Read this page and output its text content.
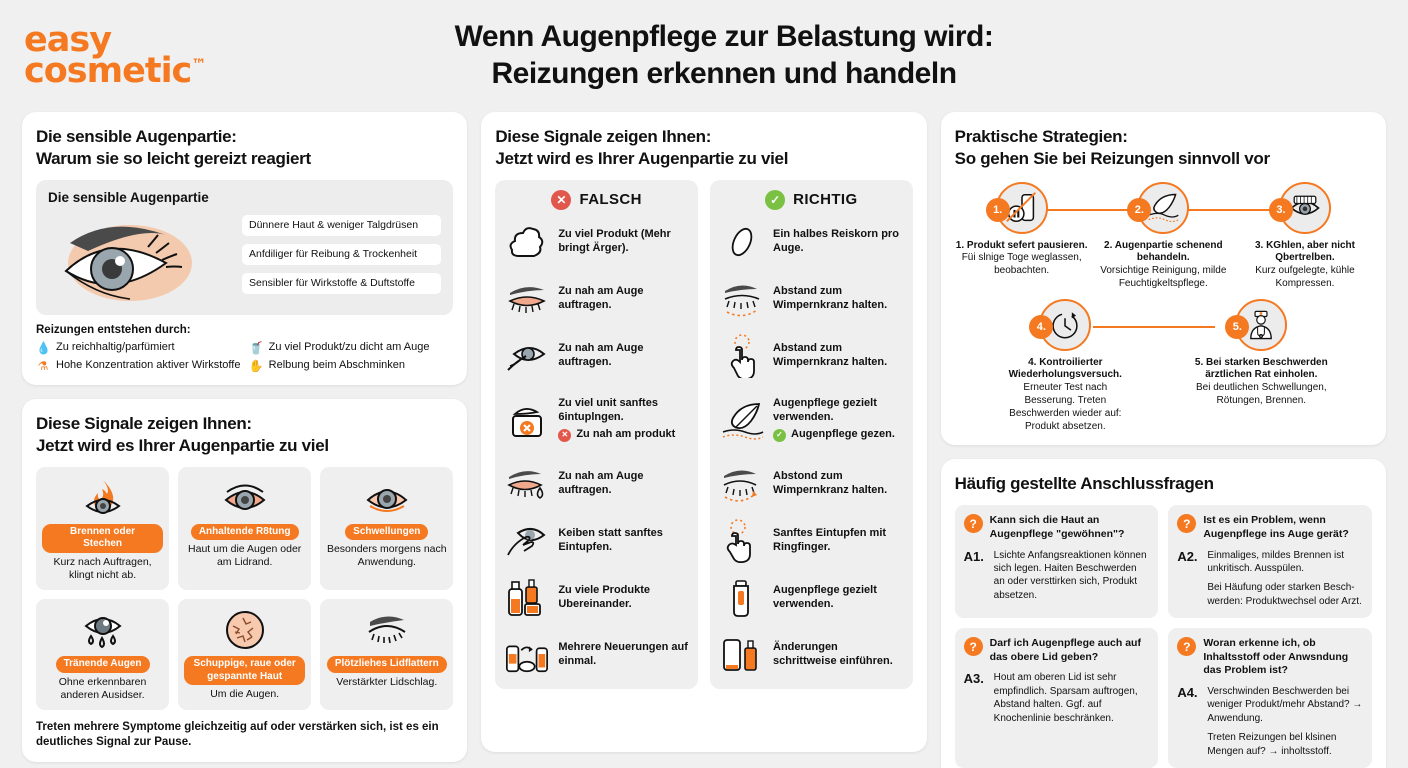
easy
cosmetic™
Wenn Augenpflege zur Belastung wird:
Reizungen erkennen und handeln
Die sensible Augenpartie:
Warum sie so leicht gereizt reagiert
Die sensible Augenpartie
Dünnere Haut & weniger Talgdrüsen
Anfdiliger für Reibung & Trockenheit
Sensibler für Wirkstoffe & Duftstoffe
Reizungen entstehen durch:
💧 Zu reichhaltig/parfümiert	🥤 Zu viel Produkt/zu dicht am Auge
⚗ Hohe Konzentration aktiver Wirkstoffe ✋ Relbung beim Abschminken
Diese Signale zeigen Ihnen:
Jetzt wird es Ihrer Augenpartie zu viel
Brennen oder Stechen
Kurz nach Auftragen, klingt nicht ab.
Anhaltende R8tung
Haut um die Augen oder am Lidrand.
Schwellungen
Besonders morgens nach Anwendung.
Tränende Augen
Ohne erkennbaren anderen Ausidser.
Schuppige, raue oder gespannte Haut
Um die Augen.
Plötzliehes Lidflattern
Verstärkter Lidschlag.
Treten mehrere Symptome gleichzeitig auf oder verstärken sich, ist es ein deutliches Signal zur Pause.
Diese Signale zeigen Ihnen:
Jetzt wird es Ihrer Augenpartie zu viel
✕ FALSCH
Zu viel Produkt (Mehr bringt Ärger).
Zu nah am Auge auftragen.
Zu nah am Auge auftragen.
Zu viel unit sanftes 6intuplngen.
✕ Zu nah am produkt
Zu nah am Auge auftragen.
Keiben statt sanftes Eintupfen.
Zu viele Produkte Ubereinander.
Mehrere Neuerungen auf einmal.
✓ RICHTIG
Ein halbes Reiskorn pro Auge.
Abstand zum Wimpernkranz halten.
Abstand zum Wimpernkranz halten.
Augenpflege gezielt verwenden.
✓ Augenpflege gezen.
Abstond zum Wimpernkranz halten.
Sanftes Eintupfen mit Ringfinger.
Augenpflege gezielt verwenden.
Änderungen schrittweise einführen.
Praktische Strategien:
So gehen Sie bei Reizungen sinnvoll vor
1.
1. Produkt sefert pausieren.
Füi slnige Toge weglassen, beobachten.
2.
2. Augenpartie schenend behandeln.
Vorsichtige Reinigung, milde Feuchtigkeltspflege.
3.
3. KGhlen, aber nicht Qbertrelben.
Kurz oufgelegte, kühle Kompressen.
4.
4. Kontroilierter Wiederholungsversuch.
Erneuter Test nach Besserung. Treten Beschwerden wieder auf: Produkt absetzen.
5.
5. Bei starken Beschwerden ärztlichen Rat einholen.
Bei deutlichen Schwellungen, Rötungen, Brennen.
Häufig gestellte Anschlussfragen
?	Kann sich die Haut an Augenpflege "gewöhnen"?
A1. Lsichte Anfangsreaktionen können sich legen. Haiten Beschwerden an oder versttirken sich, Produkt absetzen.

?	Ist es ein Problem, wenn Augenpflege ins Auge gerät?
A2. Einmaliges, mildes Brennen ist unkritisch. Ausspülen.

Bei Häufung oder starken Besch-werden: Produktwechsel oder Arzt.

?	Darf ich Augenpflege auch auf das obere Lid geben?
A3. Hout am oberen Lid ist sehr empfindlich. Sparsam auftrogen, Abstand halten. Ggf. auf Knochenlinie beschränken.

?	Woran erkenne ich, ob Inhaltsstoff oder Anwsndung das Problem ist?
A4. Verschwinden Beschwerden bei weniger Produkt/mehr Abstand? → Anwendung.

Treten Reizungen bel klsinen Mengen auf? → inholtsstoff.
